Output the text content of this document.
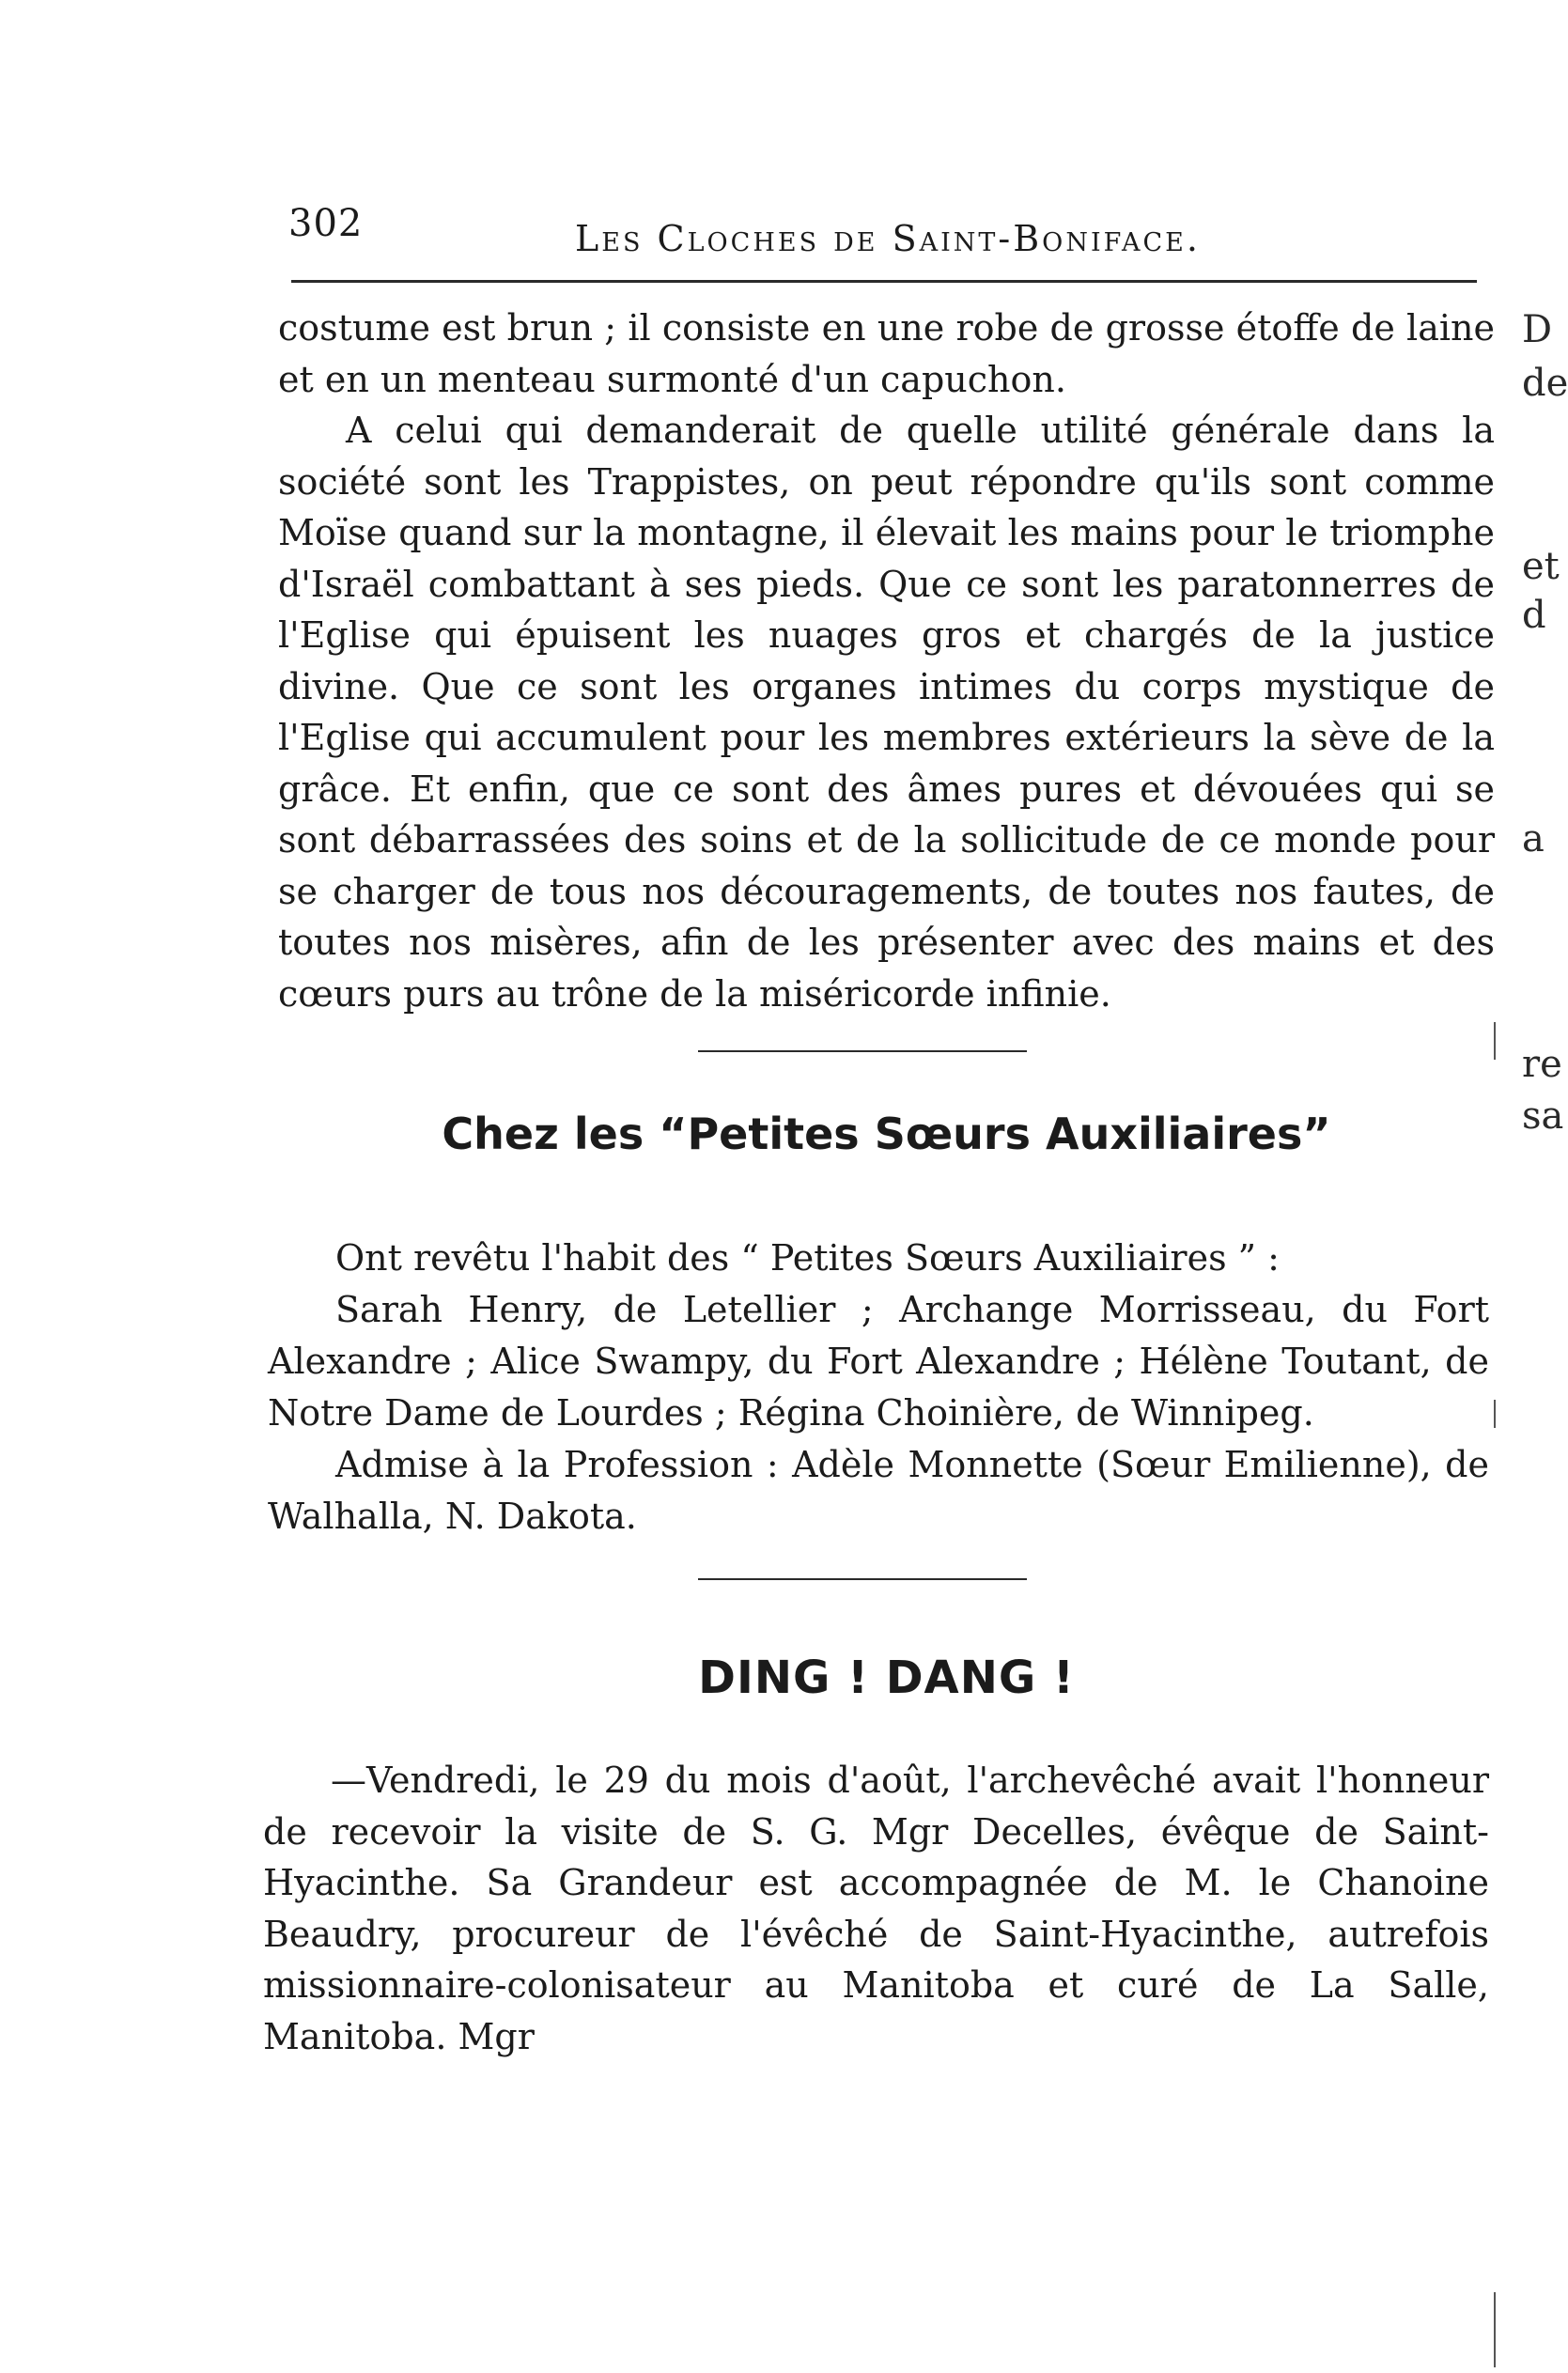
302	Les Cloches de Saint-Boniface.

costume est brun ; il consiste en une robe de grosse étoffe de laine et en un menteau surmonté d'un capuchon.

A celui qui demanderait de quelle utilité générale dans la société sont les Trappistes, on peut répondre qu'ils sont comme Moïse quand sur la montagne, il élevait les mains pour le triomphe d'Israël combattant à ses pieds. Que ce sont les paratonnerres de l'Eglise qui épuisent les nuages gros et chargés de la justice divine. Que ce sont les organes intimes du corps mystique de l'Eglise qui accumulent pour les membres extérieurs la sève de la grâce. Et enfin, que ce sont des âmes pures et dévouées qui se sont débarrassées des soins et de la sollicitude de ce monde pour se charger de tous nos découragements, de toutes nos fautes, de toutes nos misères, afin de les présenter avec des mains et des cœurs purs au trône de la miséricorde infinie.

Chez les “Petites Sœurs Auxiliaires”

Ont revêtu l'habit des “ Petites Sœurs Auxiliaires ” :

Sarah Henry, de Letellier ; Archange Morrisseau, du Fort Alexandre ; Alice Swampy, du Fort Alexandre ; Hélène Toutant, de Notre Dame de Lourdes ; Régina Choinière, de Winnipeg.

Admise à la Profession : Adèle Monnette (Sœur Emilienne), de Walhalla, N. Dakota.

DING ! DANG !

—Vendredi, le 29 du mois d'août, l'archevêché avait l'honneur de recevoir la visite de S. G. Mgr Decelles, évêque de Saint-Hyacinthe. Sa Grandeur est accompagnée de M. le Chanoine Beaudry, procureur de l'évêché de Saint-Hyacinthe, autrefois missionnaire-colonisateur au Manitoba et curé de La Salle, Manitoba. Mgr

D
de
et
d
a
re
sa
